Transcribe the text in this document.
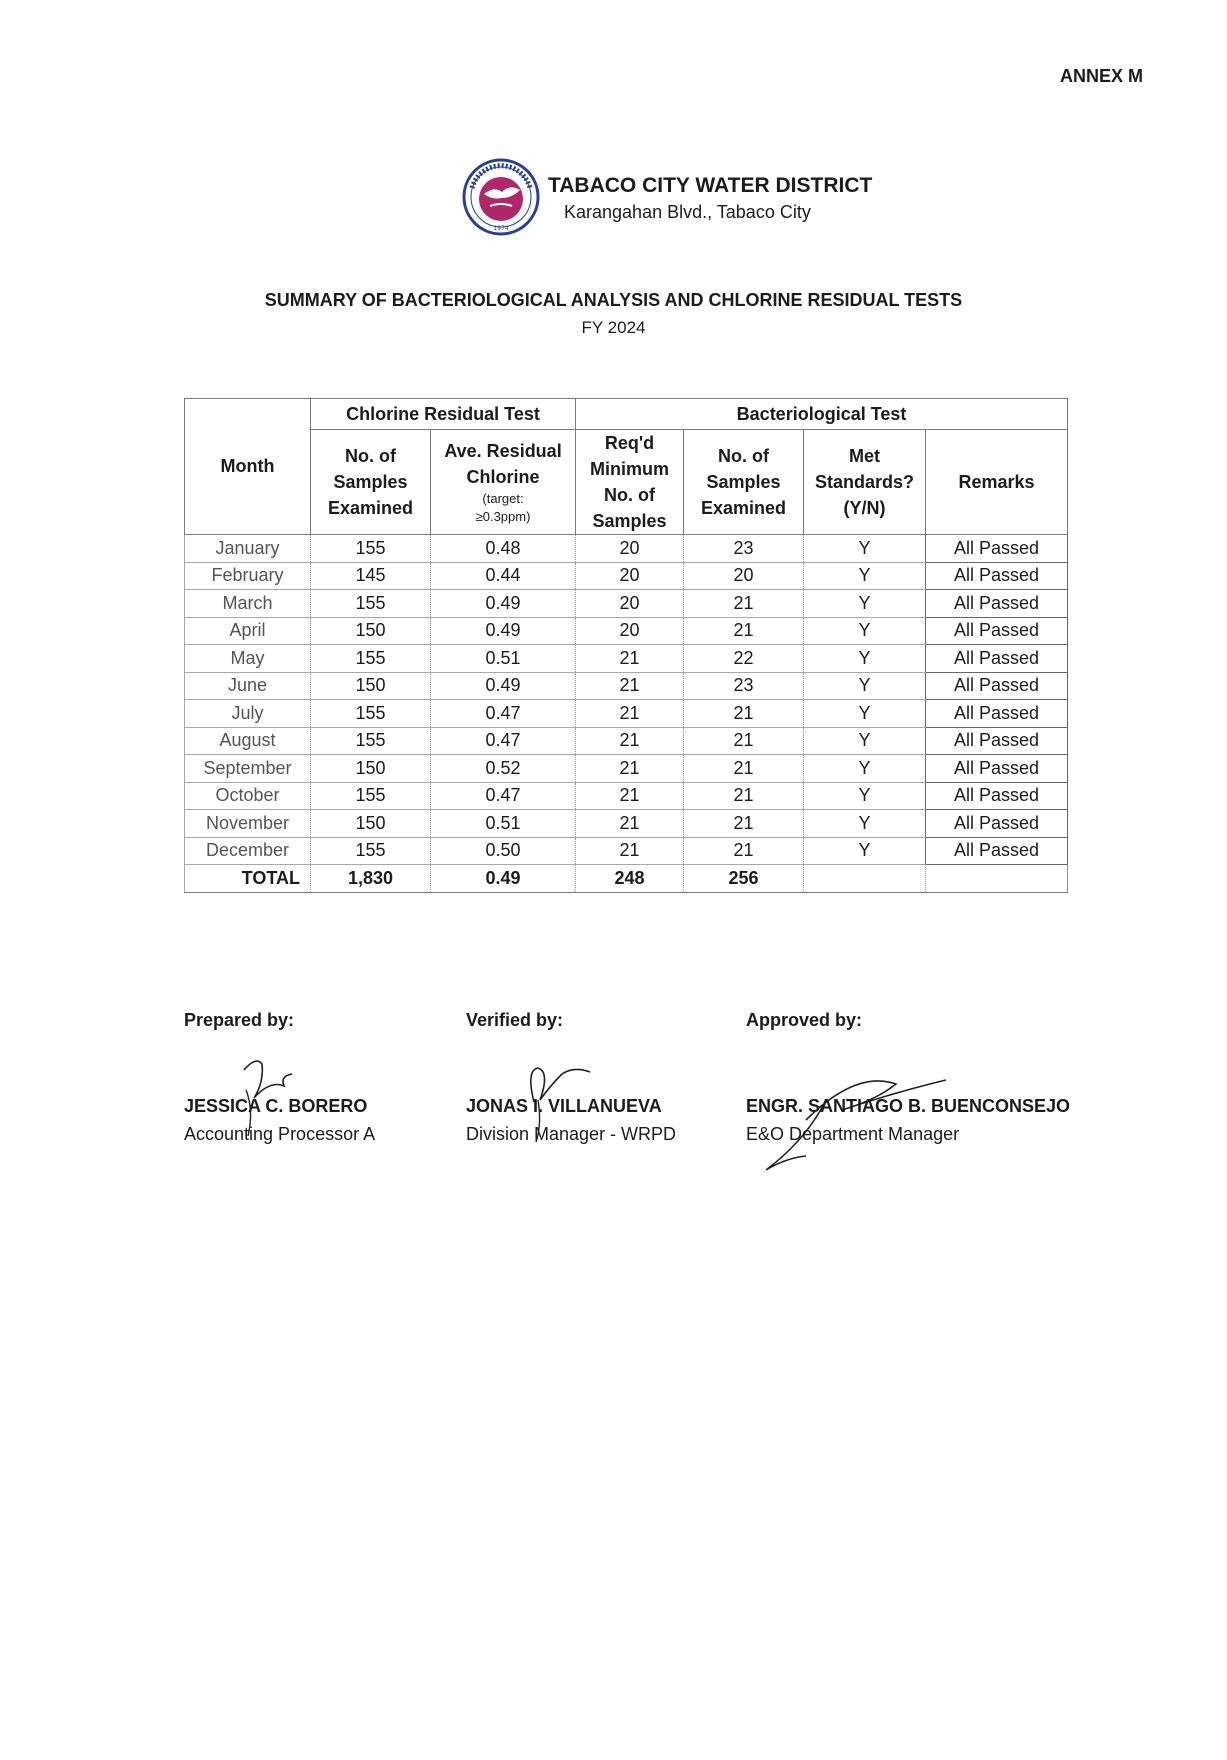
ANNEX M
1974
TABACO CITY WATER DISTRICT
Karangahan Blvd., Tabaco City
SUMMARY OF BACTERIOLOGICAL ANALYSIS AND CHLORINE RESIDUAL TESTS
FY 2024
Month	Chlorine Residual Test		Bacteriological Test			
	No. of
Samples
Examined	Ave. Residual
Chlorine
(target:
≥0.3ppm)	Req'd
Minimum
No. of
Samples	No. of
Samples
Examined	Met
Standards?
(Y/N)	Remarks
January	155	0.48	20	23	Y	All Passed
February	145	0.44	20	20	Y	All Passed
March	155	0.49	20	21	Y	All Passed
April	150	0.49	20	21	Y	All Passed
May	155	0.51	21	22	Y	All Passed
June	150	0.49	21	23	Y	All Passed
July	155	0.47	21	21	Y	All Passed
August	155	0.47	21	21	Y	All Passed
September	150	0.52	21	21	Y	All Passed
October	155	0.47	21	21	Y	All Passed
November	150	0.51	21	21	Y	All Passed
December	155	0.50	21	21	Y	All Passed
TOTAL	1,830	0.49	248	256		
Prepared by:
JESSICA C. BORERO
Accounting Processor A
Verified by:
JONAS I. VILLANUEVA
Division Manager - WRPD
Approved by:
ENGR. SANTIAGO B. BUENCONSEJO
E&O Department Manager
